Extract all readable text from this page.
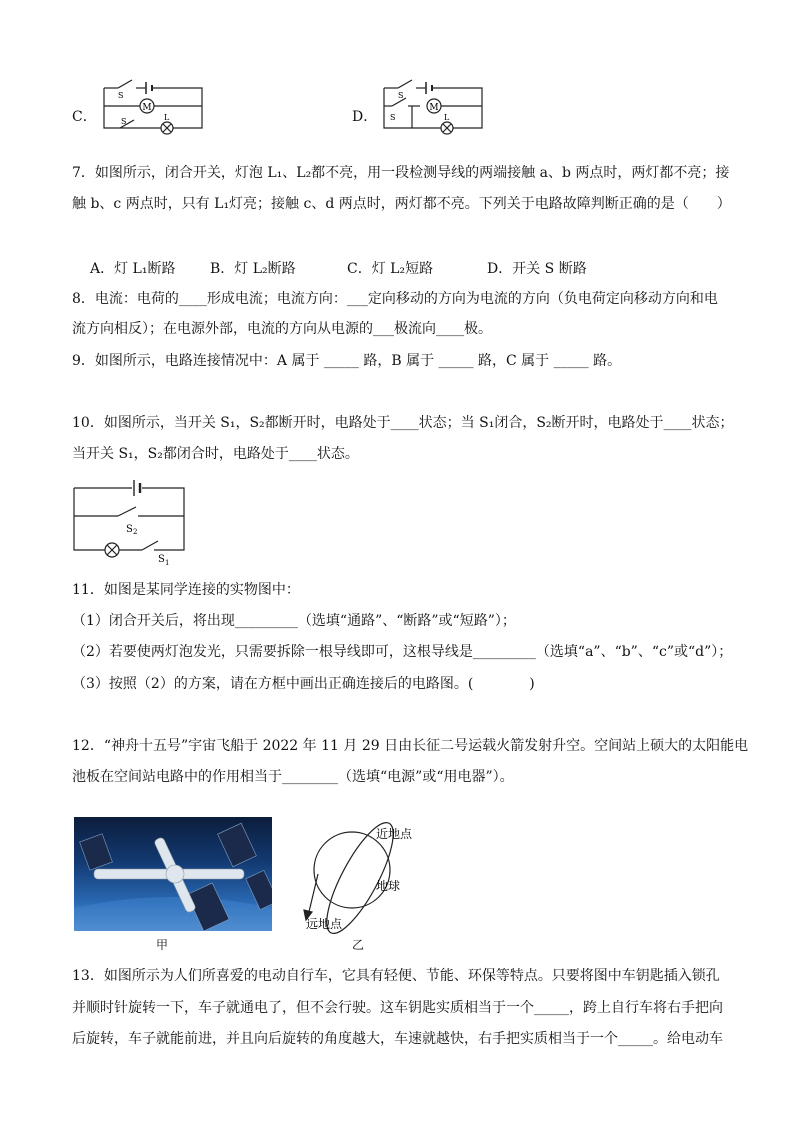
C．
M
S
S	L	D．
M
S
S	L
7．如图所示，闭合开关，灯泡 L₁、L₂都不亮，用一段检测导线的两端接触 a、b 两点时，两灯都不亮；接
触 b、c 两点时，只有 L₁灯亮；接触 c、d 两点时，两灯都不亮。下列关于电路故障判断正确的是（　　）
A．灯 L₁断路 B．灯 L₂断路	C．灯 L₂短路	D．开关 S 断路
8．电流：电荷的____形成电流；电流方向：___定向移动的方向为电流的方向（负电荷定向移动方向和电
流方向相反）；在电源外部，电流的方向从电源的___极流向____极。
9．如图所示，电路连接情况中：A 属于 _____ 路，B 属于 _____ 路，C 属于 _____ 路。
10．如图所示，当开关 S₁，S₂都断开时，电路处于____状态；当 S₁闭合，S₂断开时，电路处于____状态；
当开关 S₁，S₂都闭合时，电路处于____状态。
S 2
S 1
11．如图是某同学连接的实物图中：
（1）闭合开关后，将出现_________（选填“通路”、“断路”或“短路”）；
（2）若要使两灯泡发光，只需要拆除一根导线即可，这根导线是_________（选填“a”、“b”、“c”或“d”）；
（3）按照（2）的方案，请在方框中画出正确连接后的电路图。(　　　　)
12．“神舟十五号”宇宙飞船于 2022 年 11 月 29 日由长征二号运载火箭发射升空。空间站上硕大的太阳能电
池板在空间站电路中的作用相当于________（选填“电源”或“用电器”）。
甲
近地点
地球
远地点
乙
13．如图所示为人们所喜爱的电动自行车，它具有轻便、节能、环保等特点。只要将图中车钥匙插入锁孔
并顺时针旋转一下，车子就通电了，但不会行驶。这车钥匙实质相当于一个_____，跨上自行车将右手把向
后旋转，车子就能前进，并且向后旋转的角度越大，车速就越快，右手把实质相当于一个_____。给电动车
